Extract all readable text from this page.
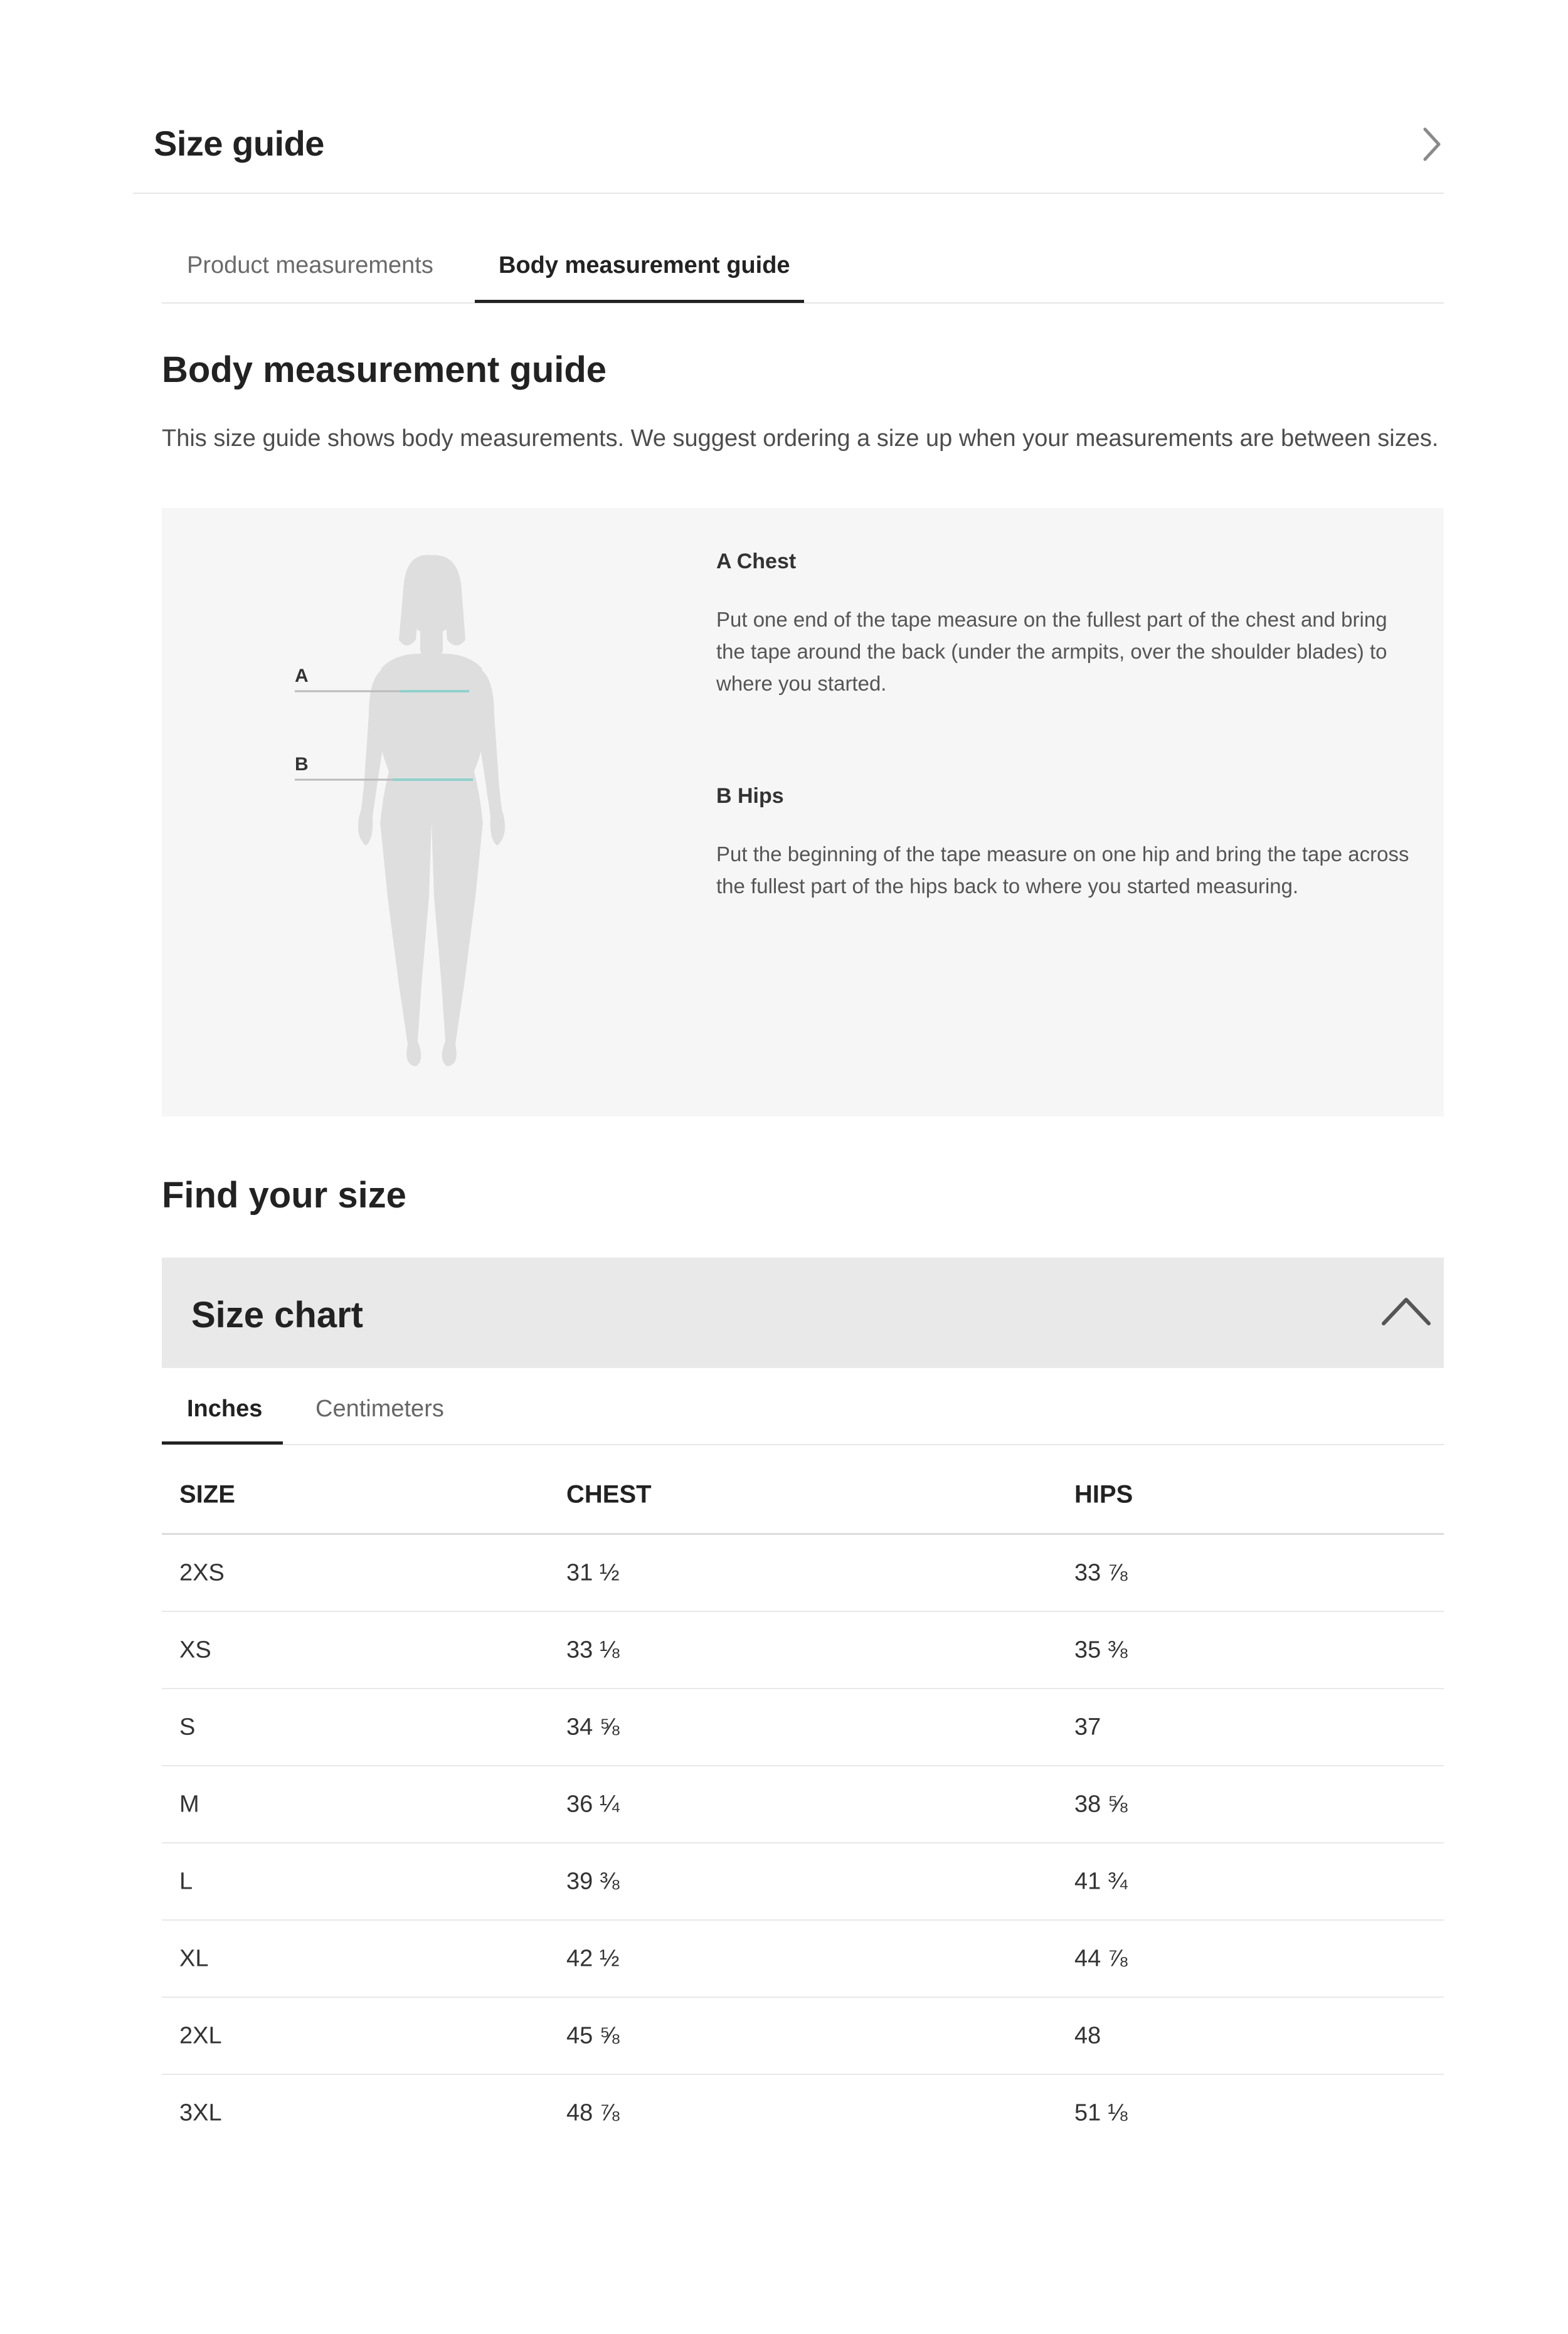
Size guide
Product measurements	Body measurement guide
Body measurement guide
This size guide shows body measurements. We suggest ordering a size up when your measurements are between sizes.
A
B
A Chest
Put one end of the tape measure on the fullest part of the chest and bring the tape around the back (under the armpits, over the shoulder blades) to where you started.
B Hips
Put the beginning of the tape measure on one hip and bring the tape across the fullest part of the hips back to where you started measuring.
Find your size
Size chart
Inches Centimeters
SIZE	CHEST	HIPS
2XS	31 ½	33 ⅞
XS	33 ⅛	35 ⅜
S	34 ⅝	37
M	36 ¼	38 ⅝
L	39 ⅜	41 ¾
XL	42 ½	44 ⅞
2XL	45 ⅝	48
3XL	48 ⅞	51 ⅛
